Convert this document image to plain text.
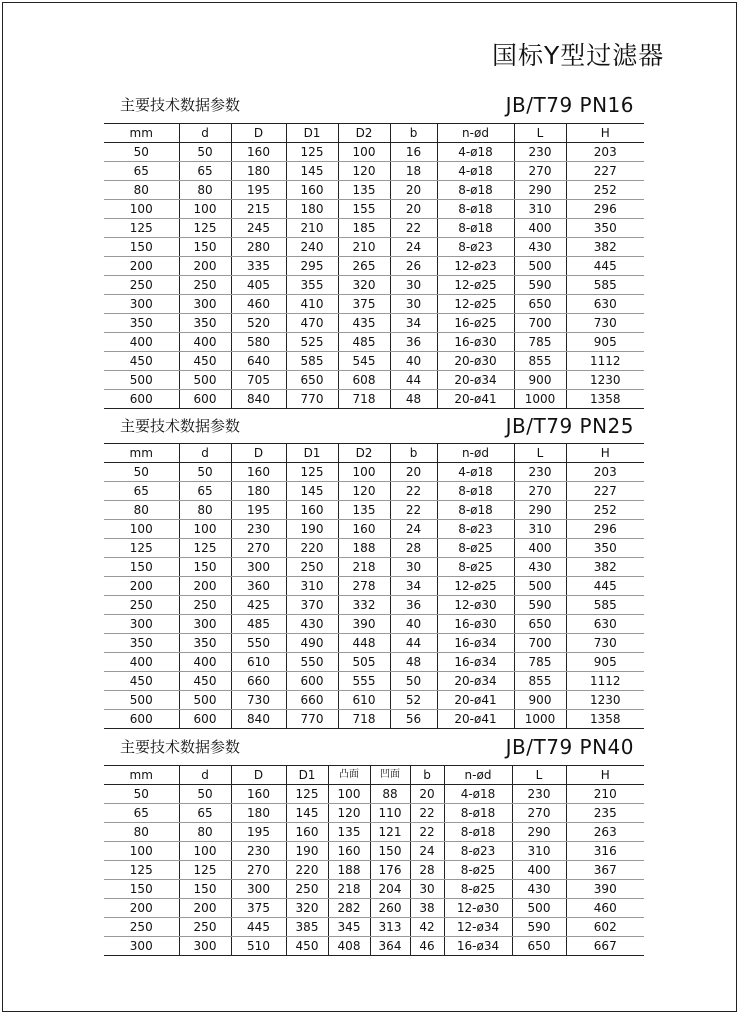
国标Y型过滤器
主要技术数据参数	JB/T79 PN16
mm	d	D	D1	D2	b	n-ød	L	H
50	50	160	125	100	16	4-ø18	230	203
65	65	180	145	120	18	4-ø18	270	227
80	80	195	160	135	20	8-ø18	290	252
100	100	215	180	155	20	8-ø18	310	296
125	125	245	210	185	22	8-ø18	400	350
150	150	280	240	210	24	8-ø23	430	382
200	200	335	295	265	26	12-ø23	500	445
250	250	405	355	320	30	12-ø25	590	585
300	300	460	410	375	30	12-ø25	650	630
350	350	520	470	435	34	16-ø25	700	730
400	400	580	525	485	36	16-ø30	785	905
450	450	640	585	545	40	20-ø30	855	1112
500	500	705	650	608	44	20-ø34	900	1230
600	600	840	770	718	48	20-ø41	1000	1358
主要技术数据参数	JB/T79 PN25
mm	d	D	D1	D2	b	n-ød	L	H
50	50	160	125	100	20	4-ø18	230	203
65	65	180	145	120	22	8-ø18	270	227
80	80	195	160	135	22	8-ø18	290	252
100	100	230	190	160	24	8-ø23	310	296
125	125	270	220	188	28	8-ø25	400	350
150	150	300	250	218	30	8-ø25	430	382
200	200	360	310	278	34	12-ø25	500	445
250	250	425	370	332	36	12-ø30	590	585
300	300	485	430	390	40	16-ø30	650	630
350	350	550	490	448	44	16-ø34	700	730
400	400	610	550	505	48	16-ø34	785	905
450	450	660	600	555	50	20-ø34	855	1112
500	500	730	660	610	52	20-ø41	900	1230
600	600	840	770	718	56	20-ø41	1000	1358
主要技术数据参数	JB/T79 PN40
mm	d	D	D1	凸面	凹面	b	n-ød	L	H
50	50	160	125	100	88	20	4-ø18	230	210
65	65	180	145	120	110	22	8-ø18	270	235
80	80	195	160	135	121	22	8-ø18	290	263
100	100	230	190	160	150	24	8-ø23	310	316
125	125	270	220	188	176	28	8-ø25	400	367
150	150	300	250	218	204	30	8-ø25	430	390
200	200	375	320	282	260	38	12-ø30	500	460
250	250	445	385	345	313	42	12-ø34	590	602
300	300	510	450	408	364	46	16-ø34	650	667
